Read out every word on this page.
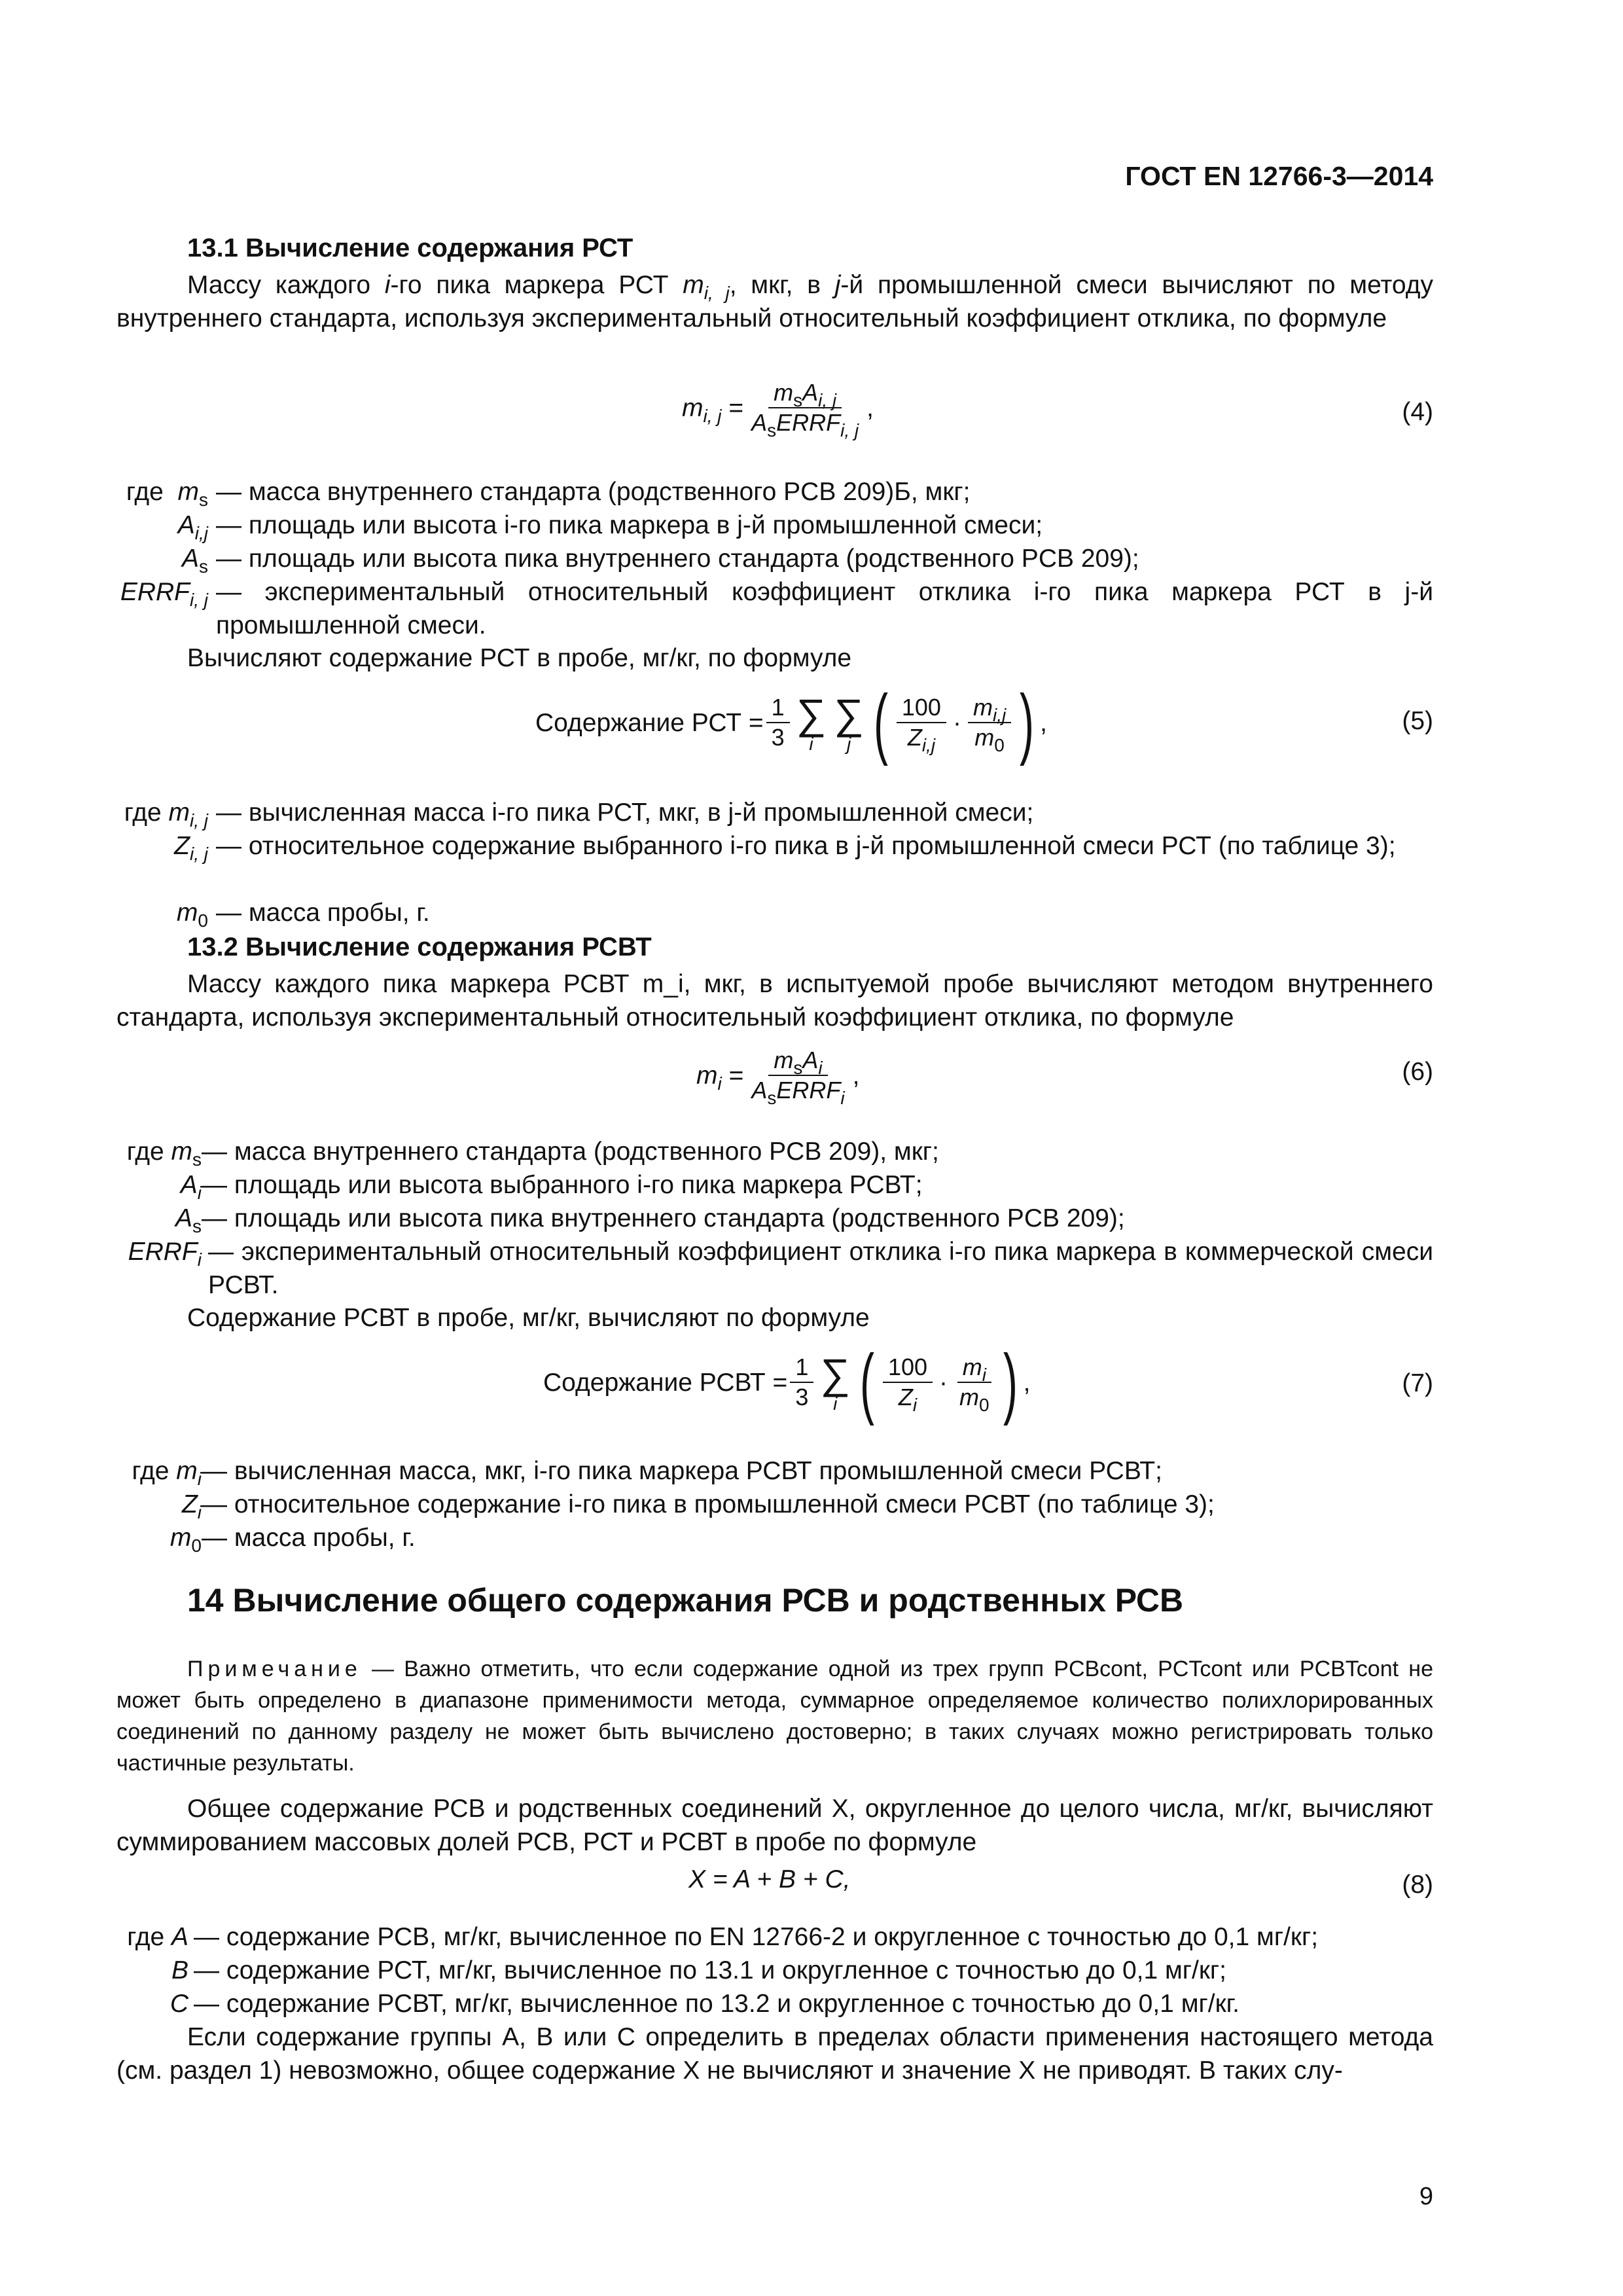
ГОСТ EN 12766-3—2014
13.1 Вычисление содержания РСТ
Массу каждого i-го пика маркера РСТ $m_{i, j}$, мкг, в j-й промышленной смеси вычисляют по методу внутреннего стандарта, используя экспериментальный относительный коэффициент отклика, по формуле
$m_{i, j} = \frac{m_sA_{i, j}}{A_sERRF_{i, j}}$ ,	(4)
где $m_s$ — масса внутреннего стандарта (родственного PCB 209)Б, мкг;
$A_{i,j}$ — площадь или высота i-го пика маркера в j-й промышленной смеси;
$A_s$ — площадь или высота пика внутреннего стандарта (родственного PCB 209);
$ERRF_{i, j}$ — экспериментальный относительный коэффициент отклика i-го пика маркера РСТ в j-й промышленной смеси.
Вычисляют содержание РСТ в пробе, мг/кг, по формуле
Содержание РСТ = $\frac{1}{3}$ ∑
i
∑
j ( $\frac{100}{Z_{i,j}} \cdot \frac{m_{i,j}}{m_0}$ ) ,	(5)
где $m_{i, j}$ — вычисленная масса i-го пика РСТ, мкг, в j-й промышленной смеси;
$Z_{i, j}$ — относительное содержание выбранного i-го пика в j-й промышленной смеси РСТ (по таблице 3);
$m_0$ — масса пробы, г.
13.2 Вычисление содержания РСВТ
Массу каждого пика маркера РСВТ m_i, мкг, в испытуемой пробе вычисляют методом внутреннего стандарта, используя экспериментальный относительный коэффициент отклика, по формуле
$m_i = \frac{m_sA_i}{A_sERRF_i}$ ,	(6)
где $m_s$ — масса внутреннего стандарта (родственного PCB 209), мкг;
$A_i$ — площадь или высота выбранного i-го пика маркера РСВТ;
$A_s$ — площадь или высота пика внутреннего стандарта (родственного PCB 209);
$ERRF_i$ — экспериментальный относительный коэффициент отклика i-го пика маркера в коммерческой смеси РСВТ.
Содержание РСВТ в пробе, мг/кг, вычисляют по формуле
Содержание РСВТ = $\frac{1}{3}$ ∑
i ( $\frac{100}{Z_i} \cdot \frac{m_i}{m_0}$ ) ,	(7)
где $m_i$ — вычисленная масса, мкг, i-го пика маркера РСВТ промышленной смеси РСВТ;
$Z_i$ — относительное содержание i-го пика в промышленной смеси РСВТ (по таблице 3);
$m_0$ — масса пробы, г.
14 Вычисление общего содержания РСВ и родственных РСВ
Примечание — Важно отметить, что если содержание одной из трех групп PCBcont, PCTcont или PCBTcont не может быть определено в диапазоне применимости метода, суммарное определяемое количество полихлорированных соединений по данному разделу не может быть вычислено достоверно; в таких случаях можно регистрировать только частичные результаты.
Общее содержание РСВ и родственных соединений X, округленное до целого числа, мг/кг, вычисляют суммированием массовых долей РСВ, РСТ и РСВТ в пробе по формуле
X = A + B + C,	(8)
где A — содержание РСВ, мг/кг, вычисленное по EN 12766-2 и округленное с точностью до 0,1 мг/кг;
B — содержание РСТ, мг/кг, вычисленное по 13.1 и округленное с точностью до 0,1 мг/кг;
C — содержание РСВТ, мг/кг, вычисленное по 13.2 и округленное с точностью до 0,1 мг/кг.
Если содержание группы A, B или C определить в пределах области применения настоящего метода (см. раздел 1) невозможно, общее содержание X не вычисляют и значение X не приводят. В таких слу-
9
